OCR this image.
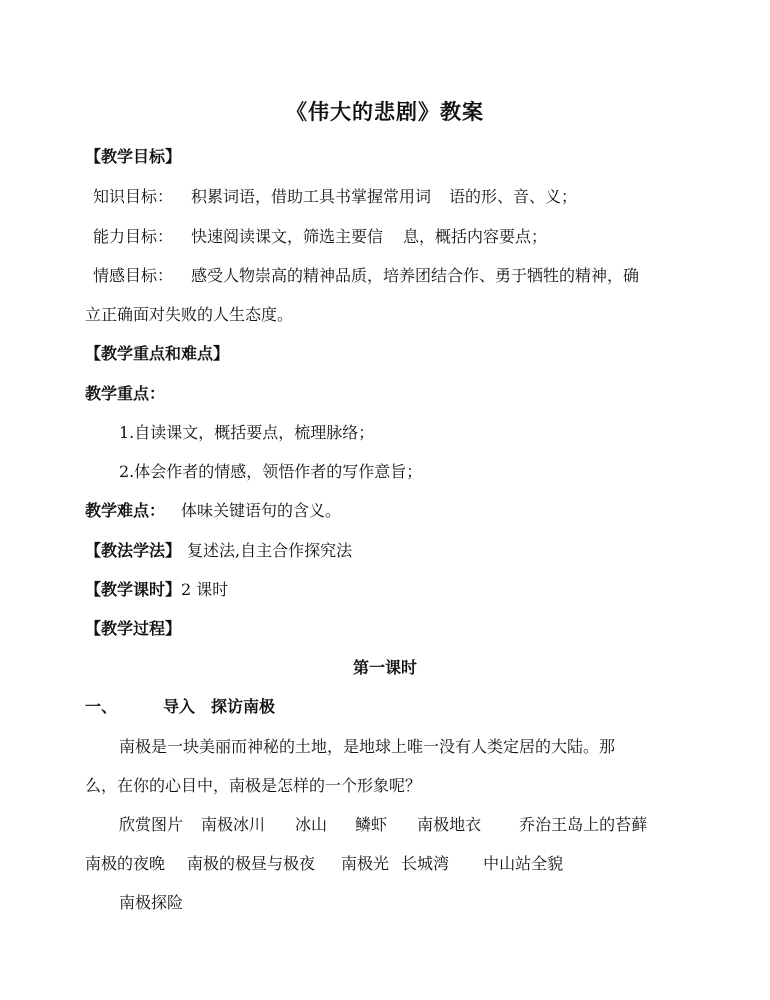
《伟大的悲剧》教案
【教学目标】
知识目标： 积累词语，借助工具书掌握常用词 语的形、音、义；
能力目标： 快速阅读课文，筛选主要信 息，概括内容要点；
情感目标： 感受人物崇高的精神品质，培养团结合作、勇于牺牲的精神，确
立正确面对失败的人生态度。
【教学重点和难点】
教学重点：
1.自读课文，概括要点，梳理脉络；
2.体会作者的情感，领悟作者的写作意旨；
教学难点： 体味关键语句的含义。
【教法学法】 复述法,自主合作探究法
【教学课时】2 课时
【教学过程】
第一课时
一、	导入　探访南极
南极是一块美丽而神秘的土地，是地球上唯一没有人类定居的大陆。那
么，在你的心目中，南极是怎样的一个形象呢？
欣赏图片 南极冰川 冰山 鳞虾 南极地衣 乔治王岛上的苔藓
南极的夜晚 南极的极昼与极夜 南极光 长城湾 中山站全貌
南极探险
